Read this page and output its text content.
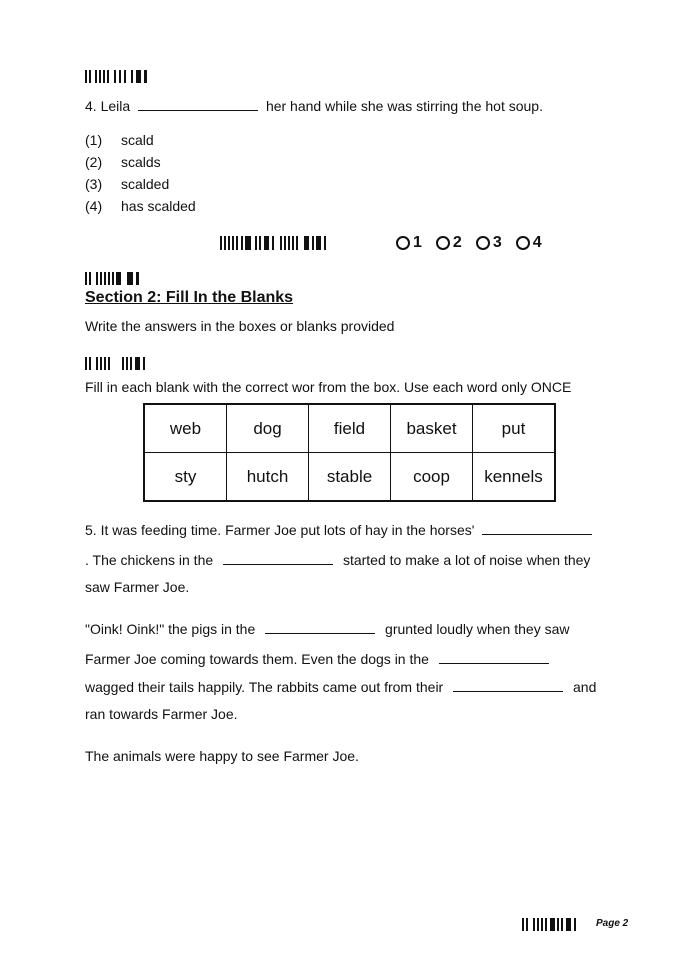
4. Leila	her hand while she was stirring the hot soup.
(1) scald
(2) scalds
(3) scalded
(4) has scalded
1 2 3 4
Section 2: Fill In the Blanks
Write the answers in the boxes or blanks provided
Fill in each blank with the correct wor from the box. Use each word only ONCE
web	dog	field	basket	put
sty	hutch	stable	coop	kennels
5. It was feeding time. Farmer Joe put lots of hay in the horses'
. The chickens in the	started to make a lot of noise when they
saw Farmer Joe.
"Oink! Oink!" the pigs in the	grunted loudly when they saw
Farmer Joe coming towards them. Even the dogs in the
wagged their tails happily. The rabbits came out from their	and
ran towards Farmer Joe.
The animals were happy to see Farmer Joe.
Page 2
